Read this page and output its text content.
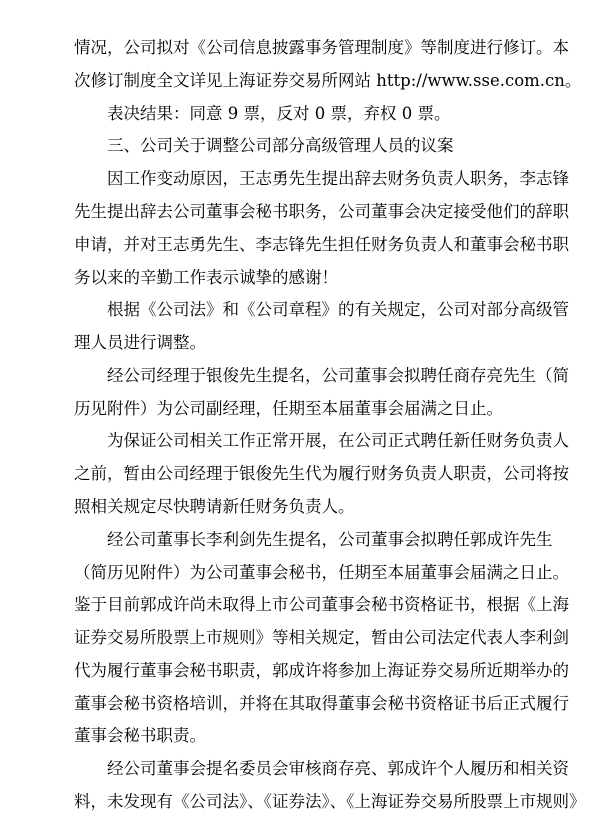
情况，公司拟对《公司信息披露事务管理制度》等制度进行修订。本
次修订制度全文详见上海证券交易所网站 http://www.sse.com.cn。
表决结果：同意 9 票，反对 0 票，弃权 0 票。
三、公司关于调整公司部分高级管理人员的议案
因工作变动原因，王志勇先生提出辞去财务负责人职务，李志锋
先生提出辞去公司董事会秘书职务，公司董事会决定接受他们的辞职
申请，并对王志勇先生、李志锋先生担任财务负责人和董事会秘书职
务以来的辛勤工作表示诚挚的感谢！
根据《公司法》和《公司章程》的有关规定，公司对部分高级管
理人员进行调整。
经公司经理于银俊先生提名，公司董事会拟聘任商存亮先生（简
历见附件）为公司副经理，任期至本届董事会届满之日止。
为保证公司相关工作正常开展，在公司正式聘任新任财务负责人
之前，暂由公司经理于银俊先生代为履行财务负责人职责，公司将按
照相关规定尽快聘请新任财务负责人。
经公司董事长李利剑先生提名，公司董事会拟聘任郭成许先生
（简历见附件）为公司董事会秘书，任期至本届董事会届满之日止。
鉴于目前郭成许尚未取得上市公司董事会秘书资格证书，根据《上海
证券交易所股票上市规则》等相关规定，暂由公司法定代表人李利剑
代为履行董事会秘书职责，郭成许将参加上海证券交易所近期举办的
董事会秘书资格培训，并将在其取得董事会秘书资格证书后正式履行
董事会秘书职责。
经公司董事会提名委员会审核商存亮、郭成许个人履历和相关资
料，未发现有《公司法》、《证券法》、《上海证券交易所股票上市规则》
